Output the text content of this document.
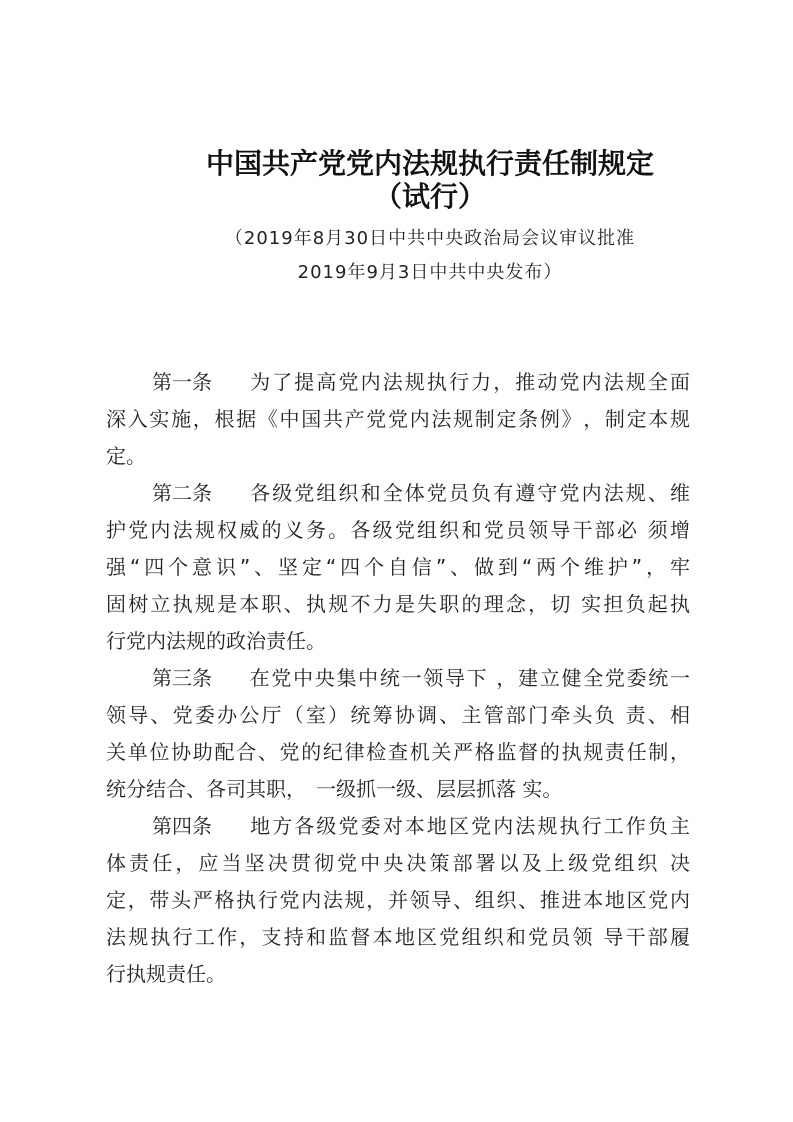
中国共产党党内法规执行责任制规定
（试行）
（2019年8月30日中共中央政治局会议审议批准
2019年9月3日中共中央发布）
第一条 为​了​提​高​党​内​法​规​执​行​力​，​推​动​党​内​法​规​全​面
深​入​实​施​，​根​据​《​中​国​共​产​党​党​内​法​规​制​定​条​例​》​，​制​定​本​规
定。
第二条 各​级​党​组​织​和​全​体​党​员​负​有​遵​守​党​内​法​规​、​维
护​党​内​法​规​权​威​的​义​务​。​各​级​党​组​织​和​党​员​领​导​干​部​必​ ​须​增
强​“​四​个​意​识​”​、​坚​定​“​四​个​自​信​”​、​做​到​“​两​个​维​护​”​，​牢
固​树​立​执​规​是​本​职​、​执​规​不​力​是​失​职​的​理​念​，​切​ ​实​担​负​起​执
行党内法规的政治责任。
第三条 在​党​中​央​集​中​统​一​领​导​下​ ​，​建​立​健​全​党​委​统​一
领​导​、​党​委​办​公​厅​（​室​）​统​筹​协​调​、​主​管​部​门​牵​头​负​ ​责​、​相
关​单​位​协​助​配​合​、​党​的​纪​律​检​查​机​关​严​格​监​督​的​执​规​责​任​制​，
统分结合、各司其职，　一级抓一级、层层抓落 实。
第四条 地​方​各​级​党​委​对​本​地​区​党​内​法​规​执​行​工​作​负​主
体​责​任​，​应​当​坚​决​贯​彻​党​中​央​决​策​部​署​以​及​上​级​党​组​织​ ​决
定​，​带​头​严​格​执​行​党​内​法​规​，​并​领​导​、​组​织​、​推​进​本​地​区​党​内
法​规​执​行​工​作​，​支​持​和​监​督​本​地​区​党​组​织​和​党​员​领​ ​导​干​部​履
行执规责任。
